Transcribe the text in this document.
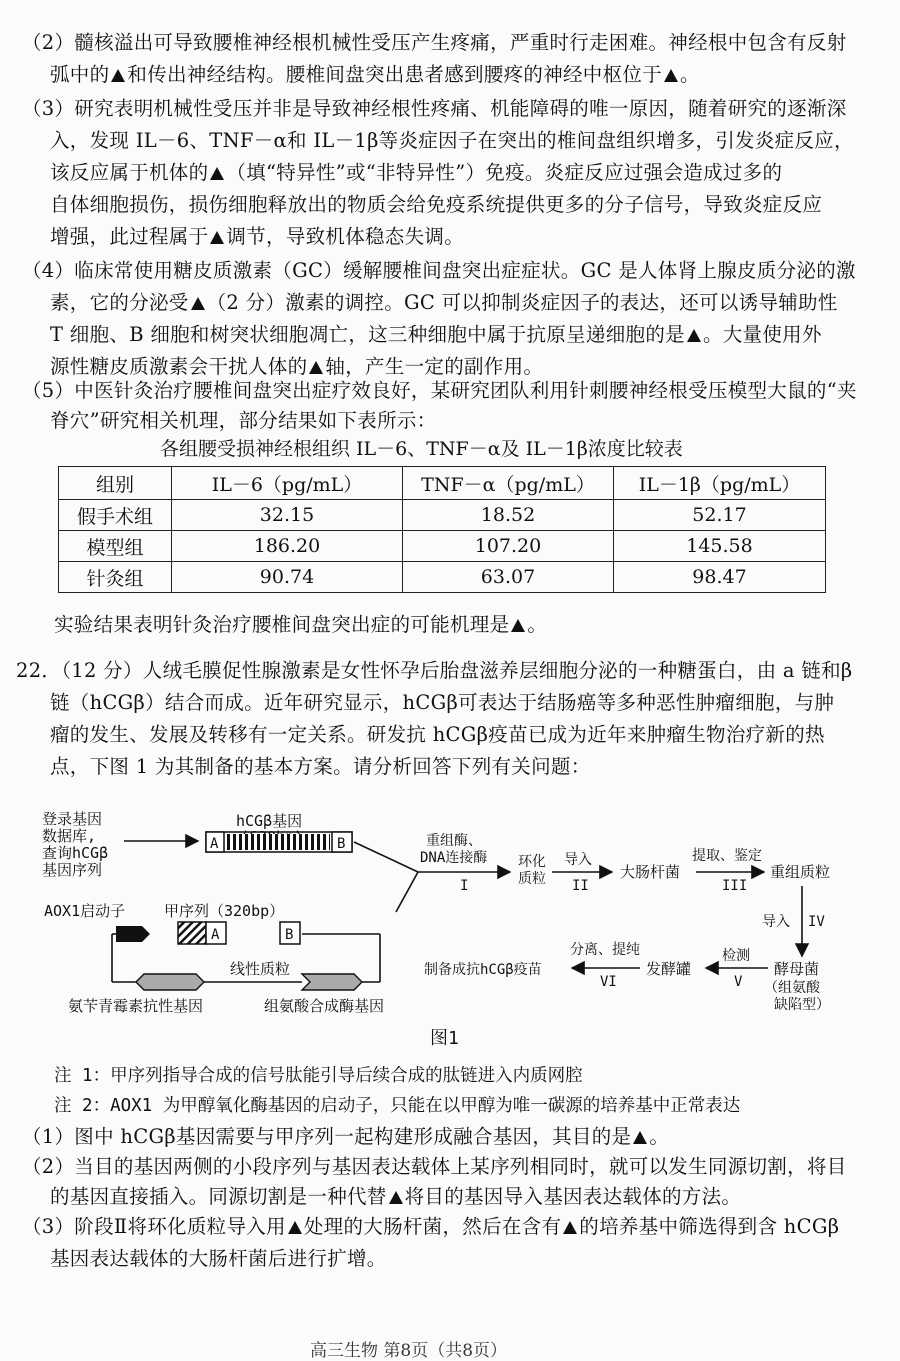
（2）髓核溢出可导致腰椎神经根机械性受压产生疼痛，严重时行走困难。神经根中包含有反射
弧中的 和传出神经结构。腰椎间盘突出患者感到腰疼的神经中枢位于 。
（3）研究表明机械性受压并非是导致神经根性疼痛、机能障碍的唯一原因，随着研究的逐渐深
入，发现 IL－6、TNF－α和 IL－1β等炎症因子在突出的椎间盘组织增多，引发炎症反应，
该反应属于机体的 （填“特异性”或“非特异性”）免疫。炎症反应过强会造成过多的
自体细胞损伤，损伤细胞释放出的物质会给免疫系统提供更多的分子信号，导致炎症反应
增强，此过程属于 调节，导致机体稳态失调。
（4）临床常使用糖皮质激素（GC）缓解腰椎间盘突出症症状。GC 是人体肾上腺皮质分泌的激
素，它的分泌受 （2 分）激素的调控。GC 可以抑制炎症因子的表达，还可以诱导辅助性
T 细胞、B 细胞和树突状细胞凋亡，这三种细胞中属于抗原呈递细胞的是 。大量使用外
源性糖皮质激素会干扰人体的 轴，产生一定的副作用。
（5）中医针灸治疗腰椎间盘突出症疗效良好，某研究团队利用针刺腰神经根受压模型大鼠的“夹
脊穴”研究相关机理，部分结果如下表所示：
各组腰受损神经根组织 IL－6、TNF－α及 IL－1β浓度比较表
组别	IL－6（pg/mL）	TNF－α（pg/mL）	IL－1β（pg/mL）
假手术组	32.15	18.52	52.17
模型组	186.20	107.20	145.58
针灸组	90.74	63.07	98.47
实验结果表明针灸治疗腰椎间盘突出症的可能机理是 。
22．（12 分）人绒毛膜促性腺激素是女性怀孕后胎盘滋养层细胞分泌的一种糖蛋白，由 a 链和β
链（hCGβ）结合而成。近年研究显示，hCGβ可表达于结肠癌等多种恶性肿瘤细胞，与肿
瘤的发生、发展及转移有一定关系。研发抗 hCGβ疫苗已成为近年来肿瘤生物治疗新的热
点，下图 1 为其制备的基本方案。请分析回答下列有关问题：
登录基因
数据库,
查询hCGβ
基因序列
hCGβ基因
A	B	重组酶、
DNA连接酶
I
环化
质粒
导入
II
大肠杆菌
提取、鉴定
III
重组质粒
导入 IV
酵母菌
（组氨酸
缺陷型）
检测
V
发酵罐
分离、提纯
VI
制备成抗hCGβ疫苗
AOX1启动子	甲序列（320bp）
A	B
线性质粒
氨苄青霉素抗性基因	组氨酸合成酶基因
图1
注 1：甲序列指导合成的信号肽能引导后续合成的肽链进入内质网腔
注 2：AOX1 为甲醇氧化酶基因的启动子，只能在以甲醇为唯一碳源的培养基中正常表达
（1）图中 hCGβ基因需要与甲序列一起构建形成融合基因，其目的是 。
（2）当目的基因两侧的小段序列与基因表达载体上某序列相同时，就可以发生同源切割，将目
的基因直接插入。同源切割是一种代替 将目的基因导入基因表达载体的方法。
（3）阶段Ⅱ将环化质粒导入用 处理的大肠杆菌，然后在含有 的培养基中筛选得到含 hCGβ
基因表达载体的大肠杆菌后进行扩增。
高三生物 第8页（共8页）
